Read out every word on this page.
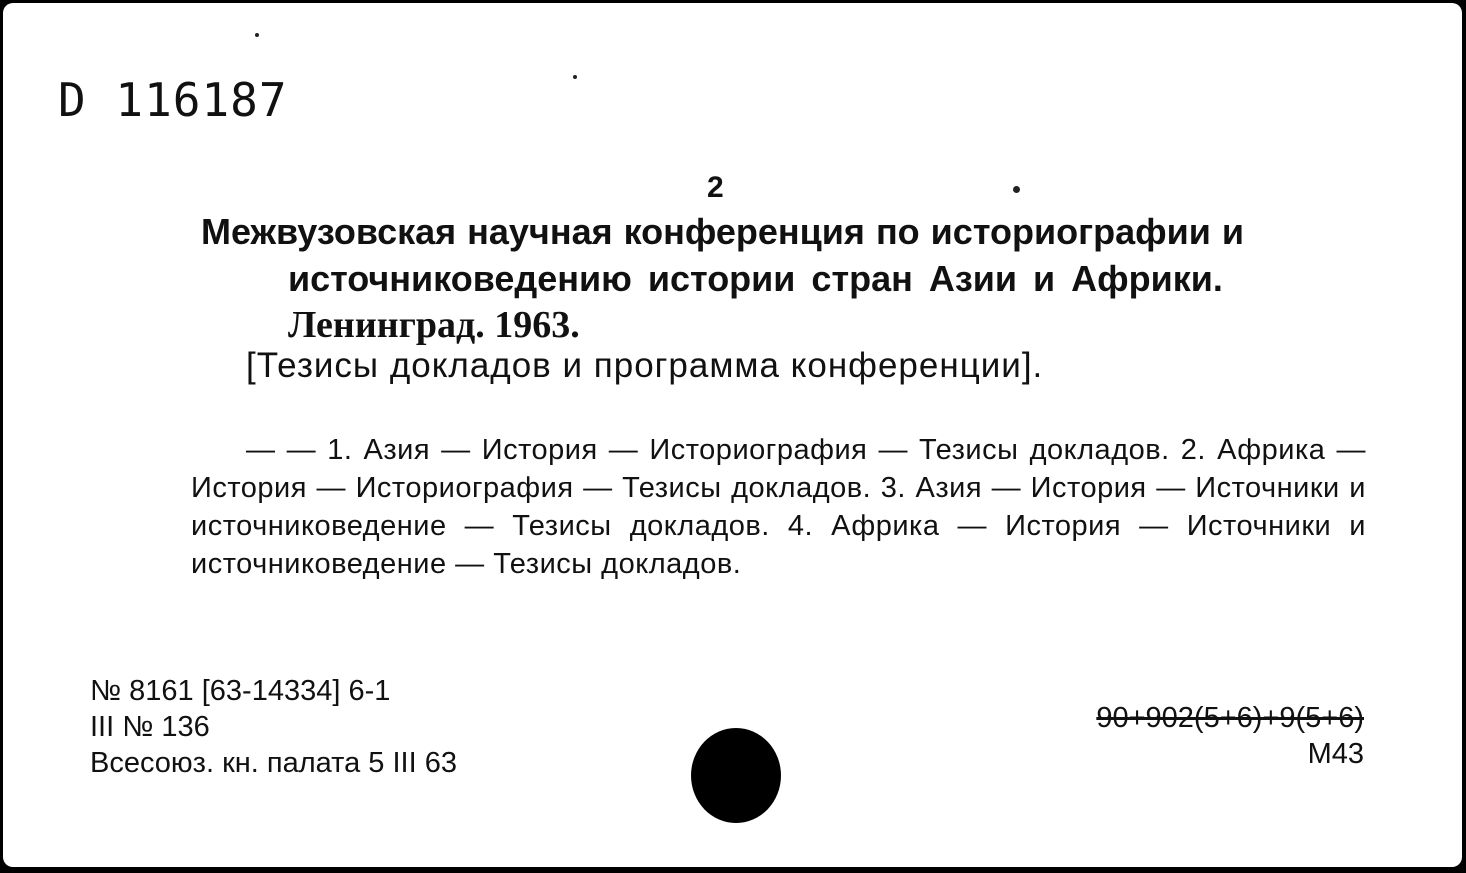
D 116187
2
Межвузовская научная конференция по историографии и
источниковедению истории стран Азии и Африки.
Ленинград. 1963.
[Тезисы докладов и программа конференции].
— — 1. Азия — История — Историография — Тезисы докладов. 2. Африка — История — Историография — Тезисы докладов. 3. Азия — История — Источники и источниковедение — Тезисы докладов. 4. Африка — История — Источники и источниковедение — Тезисы докладов.
№ 8161 [63-14334] 6-1
III № 136
Всесоюз. кн. палата 5 III 63
90+902(5+6)+9(5+6)
М43
